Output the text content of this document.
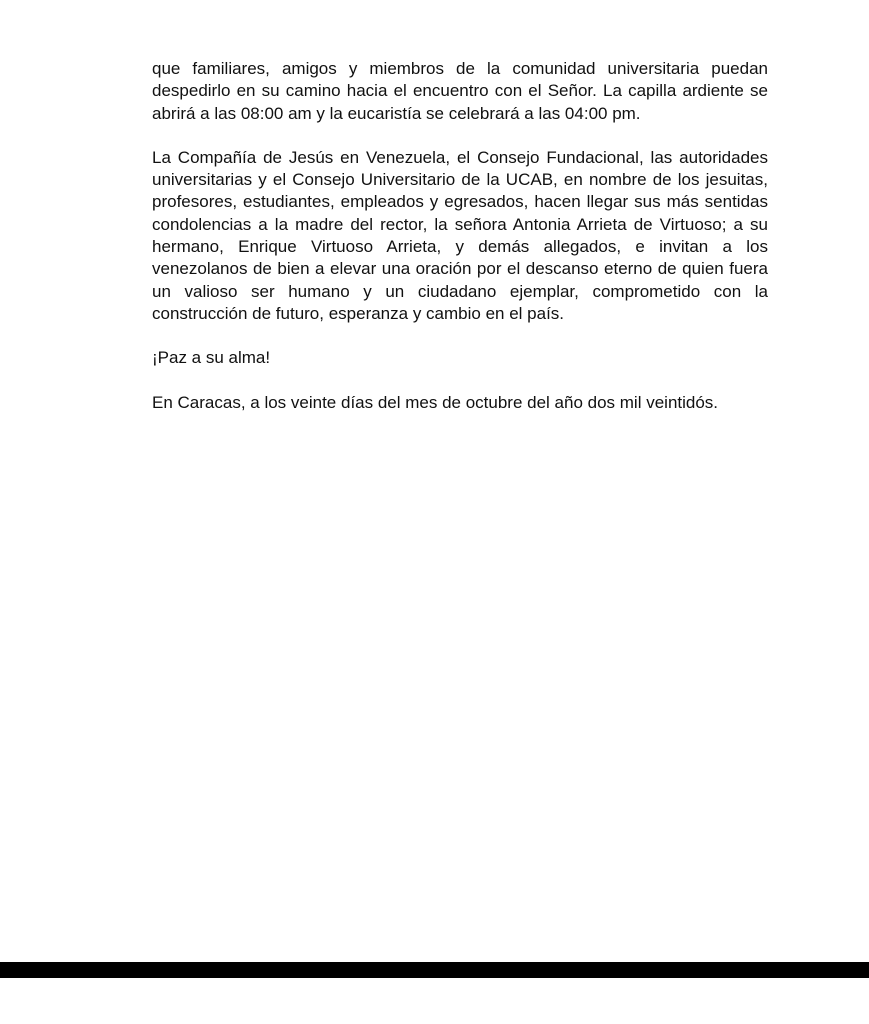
que familiares, amigos y miembros de la comunidad universitaria puedan despedirlo en su camino hacia el encuentro con el Señor. La capilla ardiente se abrirá a las 08:00 am y la eucaristía se celebrará a las 04:00 pm.

La Compañía de Jesús en Venezuela, el Consejo Fundacional, las autoridades universitarias y el Consejo Universitario de la UCAB, en nombre de los jesuitas, profesores, estudiantes, empleados y egresados, hacen llegar sus más sentidas condolencias a la madre del rector, la señora Antonia Arrieta de Virtuoso; a su hermano, Enrique Virtuoso Arrieta, y demás allegados, e invitan a los venezolanos de bien a elevar una oración por el descanso eterno de quien fuera un valioso ser humano y un ciudadano ejemplar, comprometido con la construcción de futuro, esperanza y cambio en el país.

¡Paz a su alma!

En Caracas, a los veinte días del mes de octubre del año dos mil veintidós.
